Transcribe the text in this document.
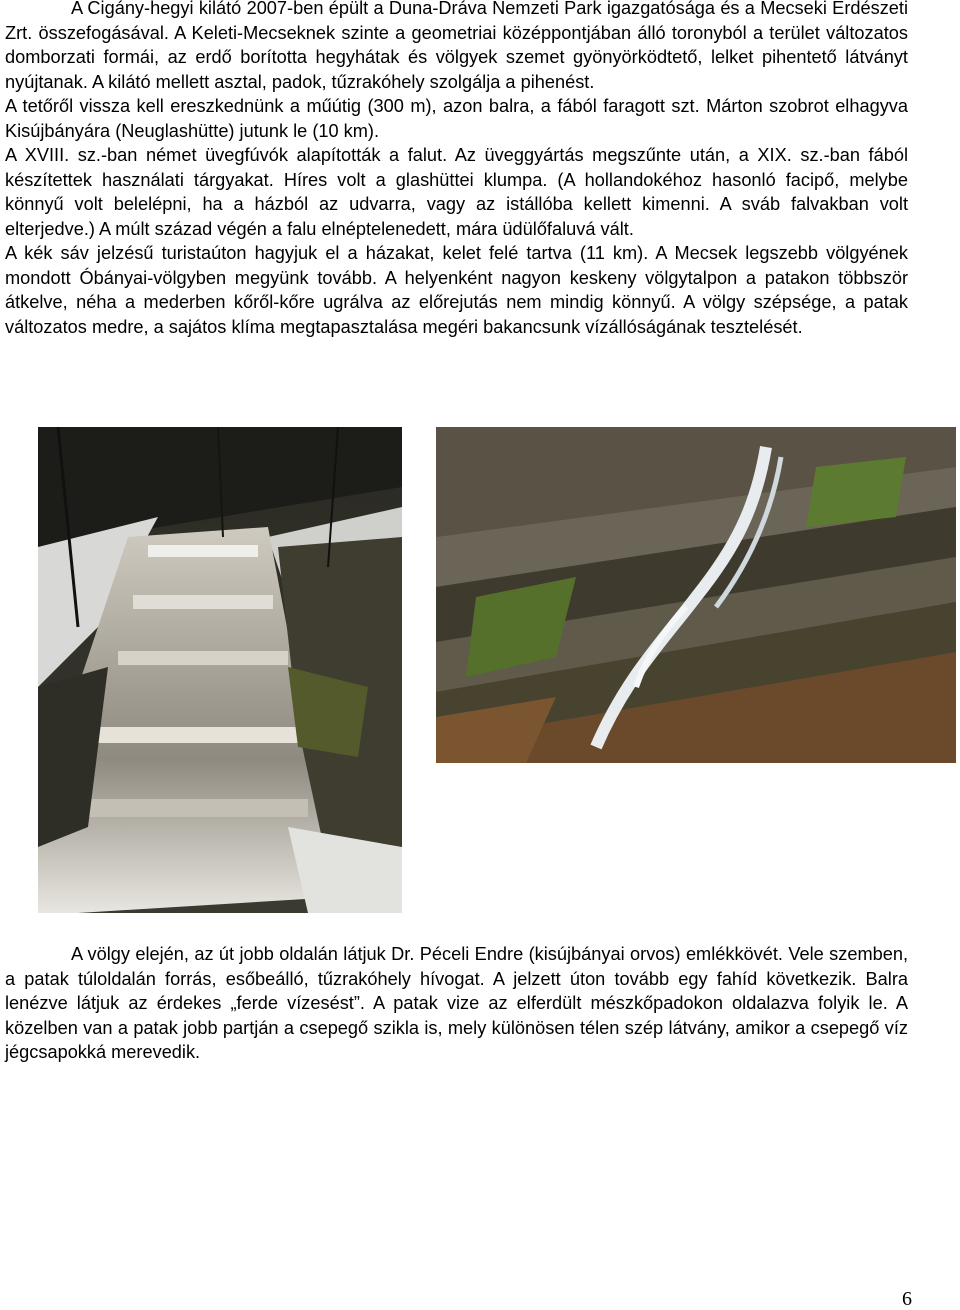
A Cigány-hegyi kilátó 2007-ben épült a Duna-Dráva Nemzeti Park igazgatósága és a Mecseki Erdészeti Zrt. összefogásával. A Keleti-Mecseknek szinte a geometriai középpontjában álló toronyból a terület változatos domborzati formái, az erdő borította hegyhátak és völgyek szemet gyönyörködtető, lelket pihentető látványt nyújtanak. A kilátó mellett asztal, padok, tűzrakóhely szolgálja a pihenést.

A tetőről vissza kell ereszkednünk a műútig (300 m), azon balra, a fából faragott szt. Márton szobrot elhagyva Kisújbányára (Neuglashütte) jutunk le (10 km).

A XVIII. sz.-ban német üvegfúvók alapították a falut. Az üveggyártás megszűnte után, a XIX. sz.-ban fából készítettek használati tárgyakat. Híres volt a glashüttei klumpa. (A hollandokéhoz hasonló facipő, melybe könnyű volt belelépni, ha a házból az udvarra, vagy az istállóba kellett kimenni. A sváb falvakban volt elterjedve.) A múlt század végén a falu elnéptelenedett, mára üdülőfaluvá vált.

A kék sáv jelzésű turistaúton hagyjuk el a házakat, kelet felé tartva (11 km). A Mecsek legszebb völgyének mondott Óbányai-völgyben megyünk tovább. A helyenként nagyon keskeny völgytalpon a patakon többször átkelve, néha a mederben kőről-kőre ugrálva az előrejutás nem mindig könnyű. A völgy szépsége, a patak változatos medre, a sajátos klíma megtapasztalása megéri bakancsunk vízállóságának tesztelését.

A völgy elején, az út jobb oldalán látjuk Dr. Péceli Endre (kisújbányai orvos) emlékkövét. Vele szemben, a patak túloldalán forrás, esőbeálló, tűzrakóhely hívogat. A jelzett úton tovább egy fahíd következik. Balra lenézve látjuk az érdekes „ferde vízesést”. A patak vize az elferdült mészkőpadokon oldalazva folyik le. A közelben van a patak jobb partján a csepegő szikla is, mely különösen télen szép látvány, amikor a csepegő víz jégcsapokká merevedik.

6
